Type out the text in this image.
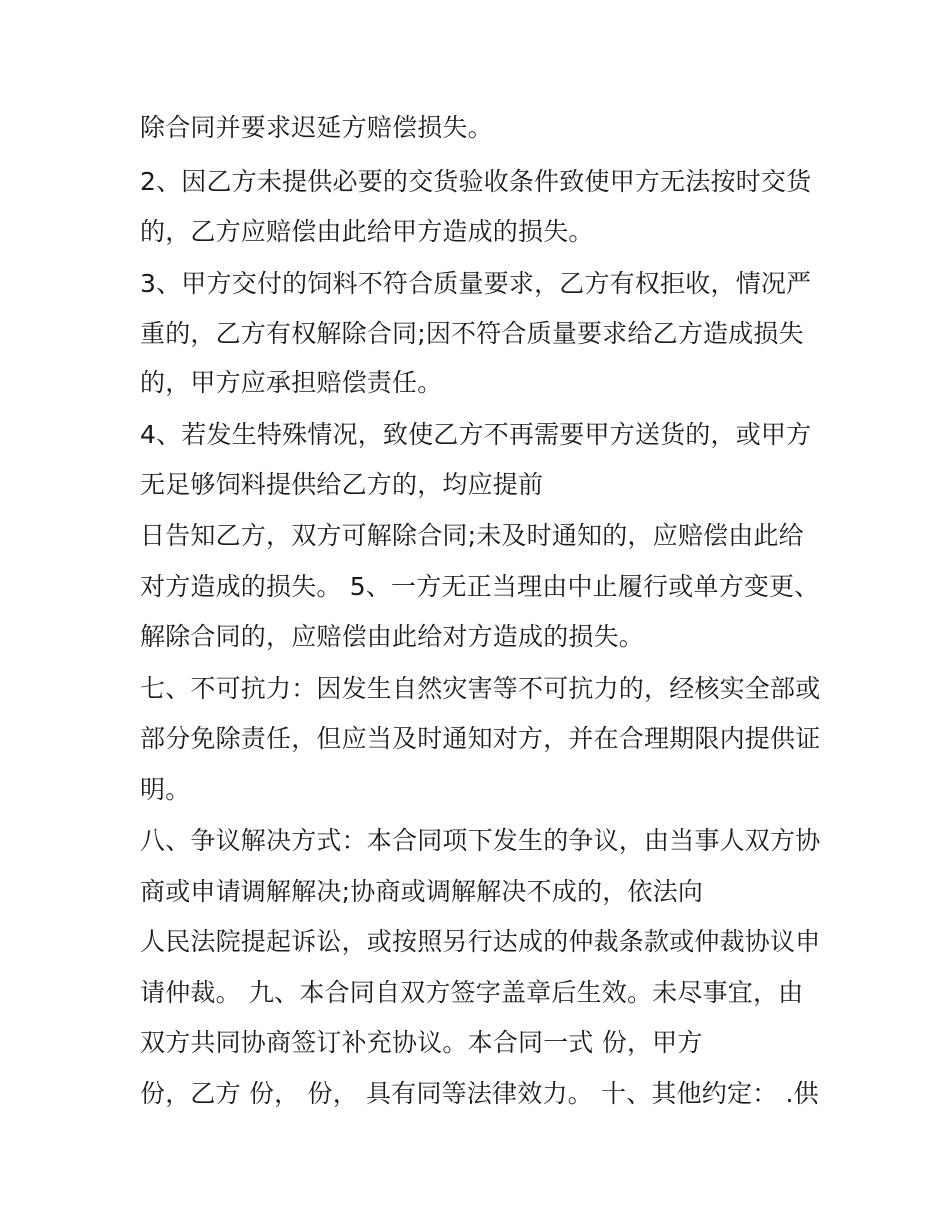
除合同并要求迟延方赔偿损失。
2、因乙方未提供必要的交货验收条件致使甲方无法按时交货
的，乙方应赔偿由此给甲方造成的损失。
3、甲方交付的饲料不符合质量要求，乙方有权拒收，情况严
重的，乙方有权解除合同;因不符合质量要求给乙方造成损失
的，甲方应承担赔偿责任。
4、若发生特殊情况，致使乙方不再需要甲方送货的，或甲方
无足够饲料提供给乙方的，均应提前
日告知乙方，双方可解除合同;未及时通知的，应赔偿由此给
对方造成的损失。 5、一方无正当理由中止履行或单方变更、
解除合同的，应赔偿由此给对方造成的损失。
七、不可抗力：因发生自然灾害等不可抗力的，经核实全部或
部分免除责任，但应当及时通知对方，并在合理期限内提供证
明。
八、争议解决方式：本合同项下发生的争议，由当事人双方协
商或申请调解解决;协商或调解解决不成的，依法向
人民法院提起诉讼，或按照另行达成的仲裁条款或仲裁协议申
请仲裁。 九、本合同自双方签字盖章后生效。未尽事宜，由
双方共同协商签订补充协议。本合同一式 份，甲方
份，乙方 份， 份， 具有同等法律效力。 十、其他约定： .供
